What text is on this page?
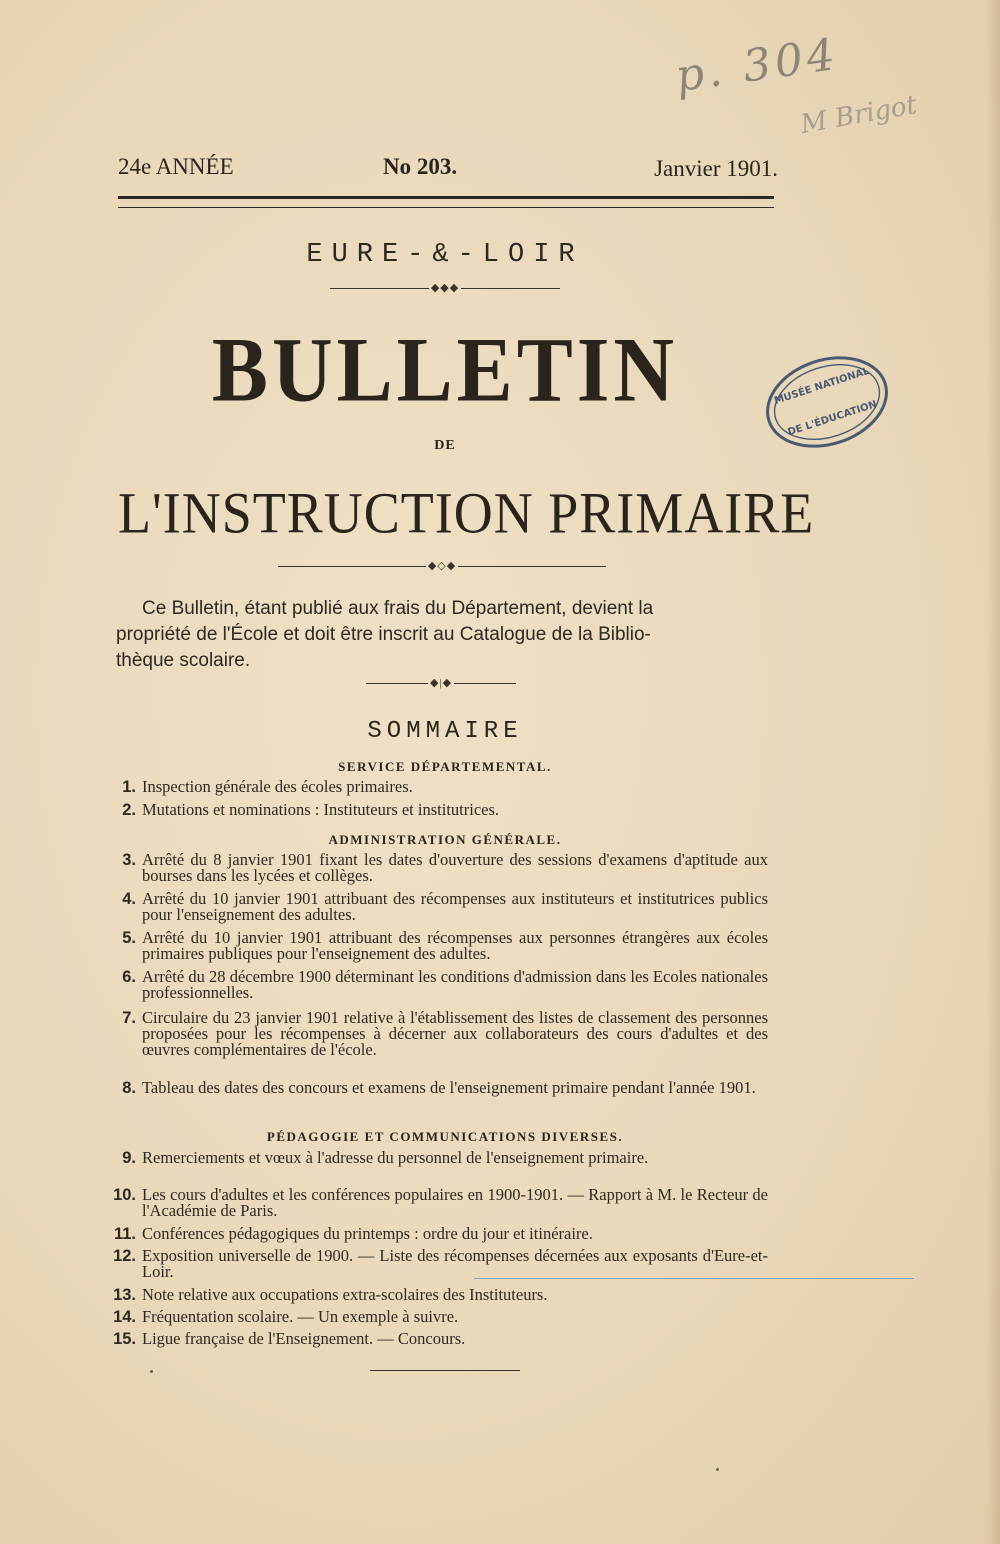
p. 304
M Brigot
24e ANNÉE	No 203.	Janvier 1901.
EURE-&-LOIR
◆◆◆
BULLETIN
DE
L'INSTRUCTION PRIMAIRE
MUSÉE NATIONAL
DE L'ÉDUCATION
◆◇◆
Ce Bulletin, étant publié aux frais du Département, devient la
propriété de l'École et doit être inscrit au Catalogue de la Biblio-
thèque scolaire.
◆|◆
SOMMAIRE
SERVICE DÉPARTEMENTAL.
1. Inspection générale des écoles primaires.
2. Mutations et nominations : Instituteurs et institutrices.
ADMINISTRATION GÉNÉRALE.
3. Arrêté du 8 janvier 1901 fixant les dates d'ouverture des sessions d'examens d'aptitude aux bourses dans les lycées et collèges.
4. Arrêté du 10 janvier 1901 attribuant des récompenses aux instituteurs et institutrices publics pour l'enseignement des adultes.
5. Arrêté du 10 janvier 1901 attribuant des récompenses aux personnes étrangères aux écoles primaires publiques pour l'enseignement des adultes.
6. Arrêté du 28 décembre 1900 déterminant les conditions d'admission dans les Ecoles nationales professionnelles.
7. Circulaire du 23 janvier 1901 relative à l'établissement des listes de classement des personnes proposées pour les récompenses à décerner aux collaborateurs des cours d'adultes et des œuvres complémentaires de l'école.
8. Tableau des dates des concours et examens de l'enseignement primaire pendant l'année 1901.
PÉDAGOGIE ET COMMUNICATIONS DIVERSES.
9. Remerciements et vœux à l'adresse du personnel de l'enseignement primaire.
10. Les cours d'adultes et les conférences populaires en 1900-1901. — Rapport à M. le Recteur de l'Académie de Paris.
11. Conférences pédagogiques du printemps : ordre du jour et itinéraire.
12. Exposition universelle de 1900. — Liste des récompenses décernées aux exposants d'Eure-et-Loir.
13. Note relative aux occupations extra-scolaires des Instituteurs.
14. Fréquentation scolaire. — Un exemple à suivre.
15. Ligue française de l'Enseignement. — Concours.
